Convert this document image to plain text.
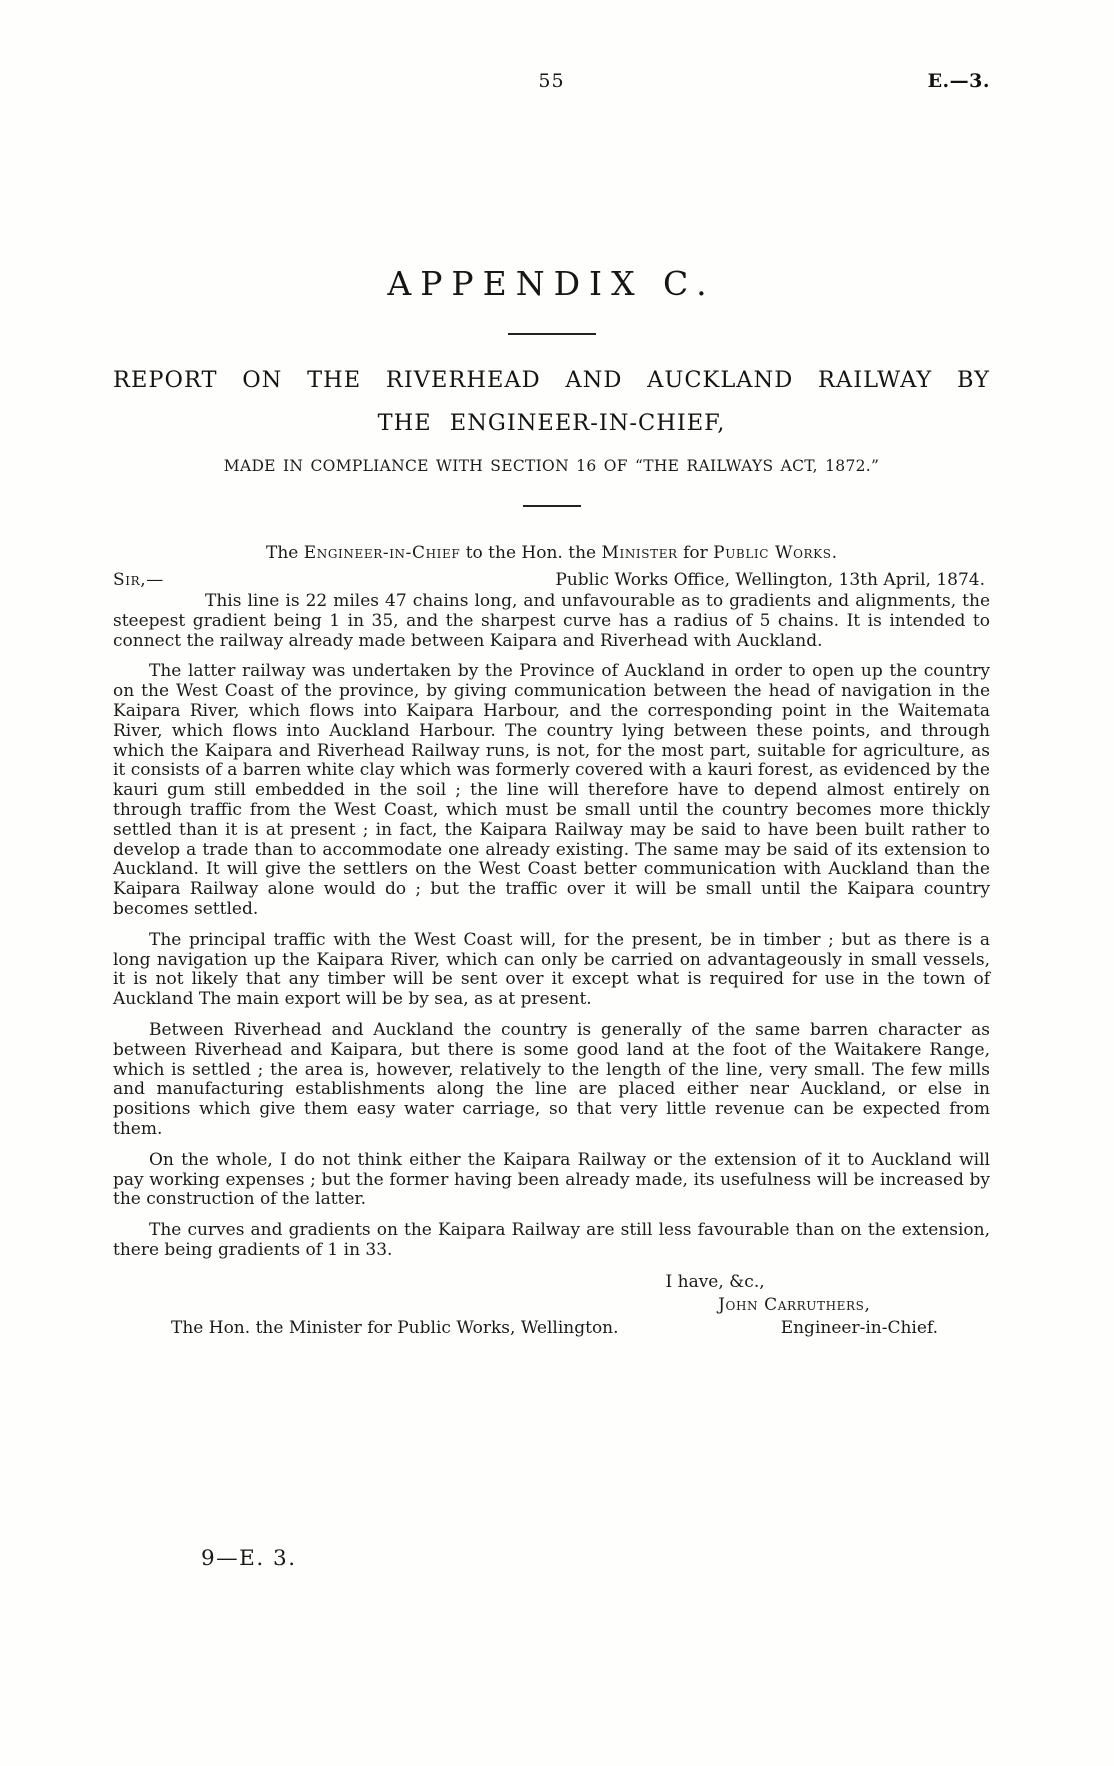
55	E.—3.
APPENDIX C.
REPORT ON THE RIVERHEAD AND AUCKLAND RAILWAY BY
THE ENGINEER-IN-CHIEF,
MADE IN COMPLIANCE WITH SECTION 16 OF “THE RAILWAYS ACT, 1872.”
The Engineer-in-Chief to the Hon. the Minister for Public Works.
Sir,—	Public Works Office, Wellington, 13th April, 1874.

This line is 22 miles 47 chains long, and unfavourable as to gradients and alignments, the steepest gradient being 1 in 35, and the sharpest curve has a radius of 5 chains. It is intended to connect the railway already made between Kaipara and Riverhead with Auckland.

The latter railway was undertaken by the Province of Auckland in order to open up the country on the West Coast of the province, by giving communication between the head of navigation in the Kaipara River, which flows into Kaipara Harbour, and the corresponding point in the Waitemata River, which flows into Auckland Harbour. The country lying between these points, and through which the Kaipara and Riverhead Railway runs, is not, for the most part, suitable for agriculture, as it consists of a barren white clay which was formerly covered with a kauri forest, as evidenced by the kauri gum still embedded in the soil ; the line will therefore have to depend almost entirely on through traffic from the West Coast, which must be small until the country becomes more thickly settled than it is at present ; in fact, the Kaipara Railway may be said to have been built rather to develop a trade than to accommodate one already existing. The same may be said of its extension to Auckland. It will give the settlers on the West Coast better communication with Auckland than the Kaipara Railway alone would do ; but the traffic over it will be small until the Kaipara country becomes settled.

The principal traffic with the West Coast will, for the present, be in timber ; but as there is a long navigation up the Kaipara River, which can only be carried on advantageously in small vessels, it is not likely that any timber will be sent over it except what is required for use in the town of Auckland The main export will be by sea, as at present.

Between Riverhead and Auckland the country is generally of the same barren character as between Riverhead and Kaipara, but there is some good land at the foot of the Waitakere Range, which is settled ; the area is, however, relatively to the length of the line, very small. The few mills and manufacturing establishments along the line are placed either near Auckland, or else in positions which give them easy water carriage, so that very little revenue can be expected from them.

On the whole, I do not think either the Kaipara Railway or the extension of it to Auckland will pay working expenses ; but the former having been already made, its usefulness will be increased by the construction of the latter.

The curves and gradients on the Kaipara Railway are still less favourable than on the extension, there being gradients of 1 in 33.

I have, &c.,
John Carruthers,
The Hon. the Minister for Public Works, Wellington.	Engineer-in-Chief.
9—E. 3.
